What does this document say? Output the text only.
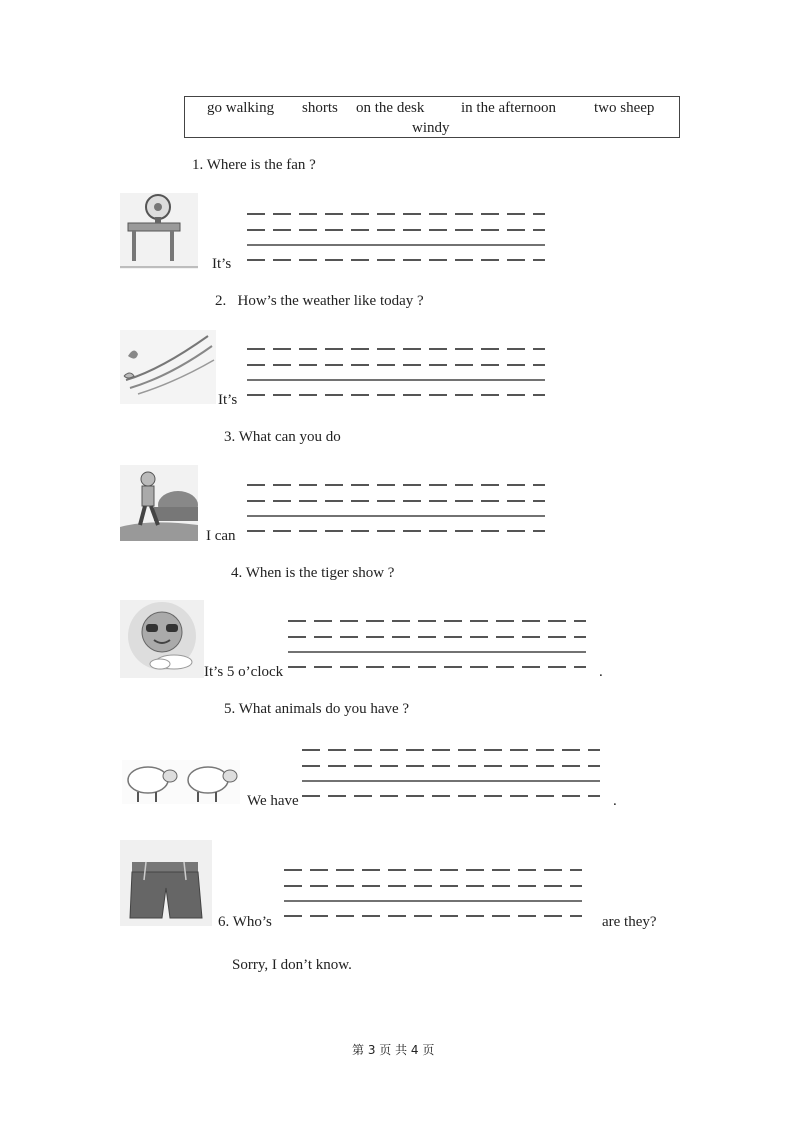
go walking shorts on the desk in the afternoon	two sheep
windy
1. Where is the fan ?
It’s
2.   How’s the weather like today ?
It’s
3. What can you do
I can
4. When is the tiger show ?
It’s 5 o’clock	.
5. What animals do you have ?
We have	.
6. Who’s	are they?
Sorry, I don’t know.
第 3 页 共 4 页
